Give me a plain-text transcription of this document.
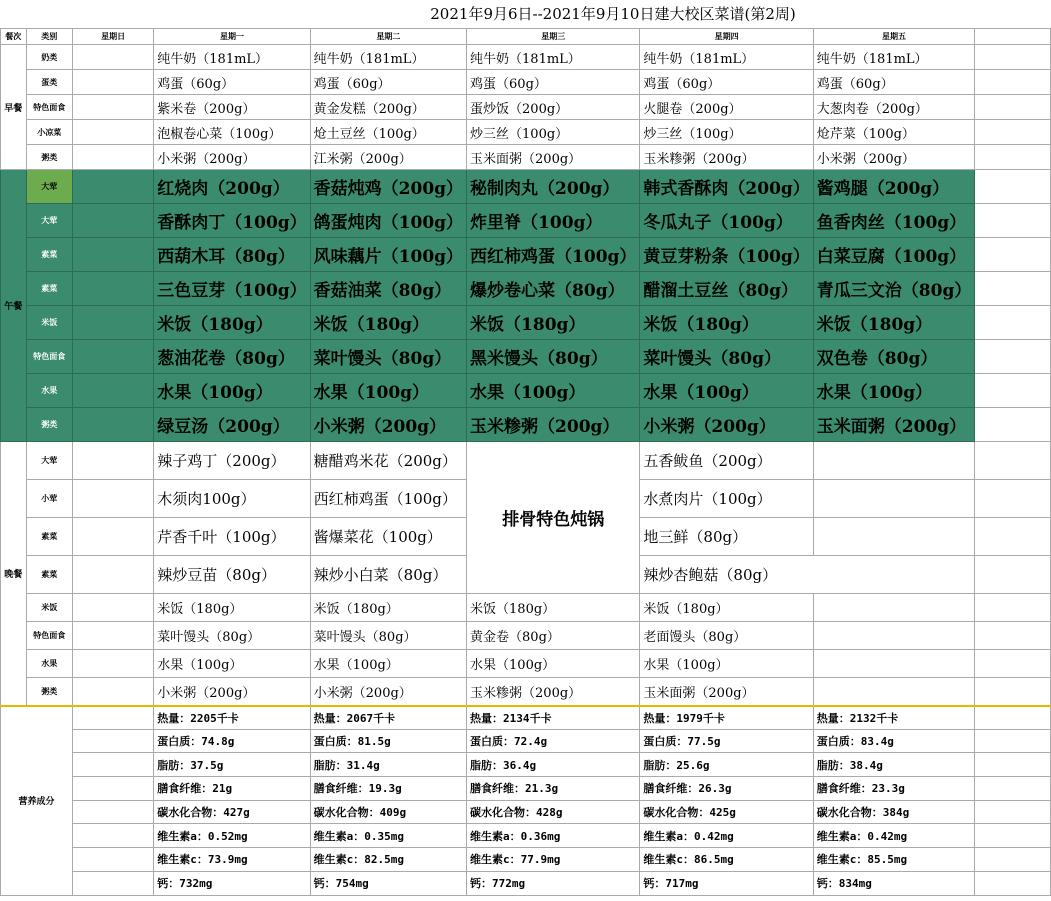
2021年9月6日--2021年9月10日建大校区菜谱(第2周)
餐次	类别	星期日	星期一	星期二	星期三	星期四	星期五	
早餐	奶类		纯牛奶（181mL）	纯牛奶（181mL）	纯牛奶（181mL）	纯牛奶（181mL）	纯牛奶（181mL）	
	蛋类		鸡蛋（60g）	鸡蛋（60g）	鸡蛋（60g）	鸡蛋（60g）	鸡蛋（60g）	
	特色面食		紫米卷（200g）	黄金发糕（200g）	蛋炒饭（200g）	火腿卷（200g）	大葱肉卷（200g）	
	小凉菜		泡椒卷心菜（100g）	炝土豆丝（100g）	炒三丝（100g）	炒三丝（100g）	炝芹菜（100g）	
	粥类		小米粥（200g）	江米粥（200g）	玉米面粥（200g）	玉米糁粥（200g）	小米粥（200g）	
午餐	大荤		红烧肉（200g）	香菇炖鸡（200g）	秘制肉丸（200g）	韩式香酥肉（200g）	酱鸡腿（200g）	
	大荤		香酥肉丁（100g）	鸽蛋炖肉（100g）	炸里脊（100g）	冬瓜丸子（100g）	鱼香肉丝（100g）	
	素菜		西葫木耳（80g）	风味藕片（100g）	西红柿鸡蛋（100g）	黄豆芽粉条（100g）	白菜豆腐（100g）	
	素菜		三色豆芽（100g）	香菇油菜（80g）	爆炒卷心菜（80g）	醋溜土豆丝（80g）	青瓜三文治（80g）	
	米饭		米饭（180g）	米饭（180g）	米饭（180g）	米饭（180g）	米饭（180g）	
	特色面食		葱油花卷（80g）	菜叶馒头（80g）	黑米馒头（80g）	菜叶馒头（80g）	双色卷（80g）	
	水果		水果（100g）	水果（100g）	水果（100g）	水果（100g）	水果（100g）	
	粥类		绿豆汤（200g）	小米粥（200g）	玉米糁粥（200g）	小米粥（200g）	玉米面粥（200g）	
晚餐	大荤		辣子鸡丁（200g）	糖醋鸡米花（200g）	排骨特色炖锅	五香鲅鱼（200g）		
	小荤		木须肉100g）	西红柿鸡蛋（100g）		水煮肉片（100g）		
	素菜		芹香千叶（100g）	酱爆菜花（100g）		地三鲜（80g）		
	素菜		辣炒豆苗（80g）	辣炒小白菜（80g）		辣炒杏鲍菇（80g）		
	米饭		米饭（180g）	米饭（180g）	米饭（180g）	米饭（180g）		
	特色面食		菜叶馒头（80g）	菜叶馒头（80g）	黄金卷（80g）	老面馒头（80g）		
	水果		水果（100g）	水果（100g）	水果（100g）	水果（100g）		
	粥类		小米粥（200g）	小米粥（200g）	玉米糁粥（200g）	玉米面粥（200g）		
营养成分			热量：2205千卡	热量：2067千卡	热量：2134千卡	热量：1979千卡	热量：2132千卡	
			蛋白质：74.8g	蛋白质：81.5g	蛋白质：72.4g	蛋白质：77.5g	蛋白质：83.4g	
			脂肪：37.5g	脂肪：31.4g	脂肪：36.4g	脂肪：25.6g	脂肪：38.4g	
			膳食纤维：21g	膳食纤维：19.3g	膳食纤维：21.3g	膳食纤维：26.3g	膳食纤维：23.3g	
			碳水化合物：427g	碳水化合物：409g	碳水化合物：428g	碳水化合物：425g	碳水化合物：384g	
			维生素a：0.52mg	维生素a：0.35mg	维生素a：0.36mg	维生素a：0.42mg	维生素a：0.42mg	
			维生素c：73.9mg	维生素c：82.5mg	维生素c：77.9mg	维生素c：86.5mg	维生素c：85.5mg	
			钙：732mg	钙：754mg	钙：772mg	钙：717mg	钙：834mg	
